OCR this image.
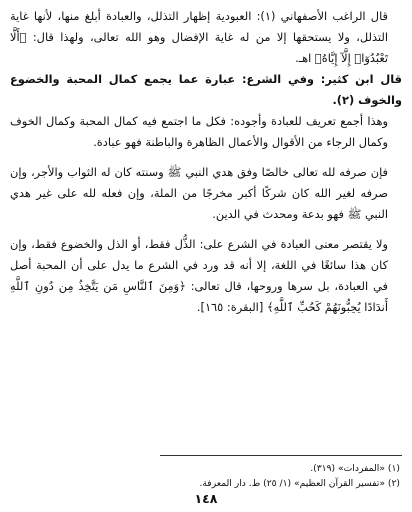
قال الراغب الأصفهاني (١): العبودية إظهار التذلل، والعبادة أبلغ منها، لأنها غاية التذلل، ولا يستحقها إلا من له غاية الإفضال وهو الله تعالى، ولهذا قال: ﴿أَلَّا تَعْبُدُوٓا۟ إِلَّآ إِيَّاهُ﴾ اهـ.

قال ابن كثير: وفي الشرع: عبارة عما يجمع كمال المحبة والخضوع والخوف (٢).

وهذا أجمع تعريف للعبادة وأجوده: فكل ما اجتمع فيه كمال المحبة وكمال الخوف وكمال الرجاء من الأقوال والأعمال الظاهرة والباطنة فهو عبادة.

فإن صرفه لله تعالى خالصًا وفق هدي النبي ﷺ وسنته كان له الثواب والأجر، وإن صرفه لغير الله كان شركًا أكبر مخرجًا من الملة، وإن فعله لله على غير هدي النبي ﷺ فهو بدعة ومحدث في الدين.

ولا يقتصر معنى العبادة في الشرع على: الذُّل فقط، أو الذل والخضوع فقط، وإن كان هذا سائغًا في اللغة، إلا أنه قد ورد في الشرع ما يدل على أن المحبة أصل في العبادة، بل سرها وروحها، قال تعالى: ﴿وَمِنَ ٱلنَّاسِ مَن يَتَّخِذُ مِن دُونِ ٱللَّهِ أَندَادًا يُحِبُّونَهُمْ كَحُبِّ ٱللَّهِ﴾ [البقرة: ١٦٥].

(١) «المفردات» (٣١٩).
(٢) «تفسير القرآن العظيم» (١/ ٢٥) ط. دار المعرفة.
١٤٨
